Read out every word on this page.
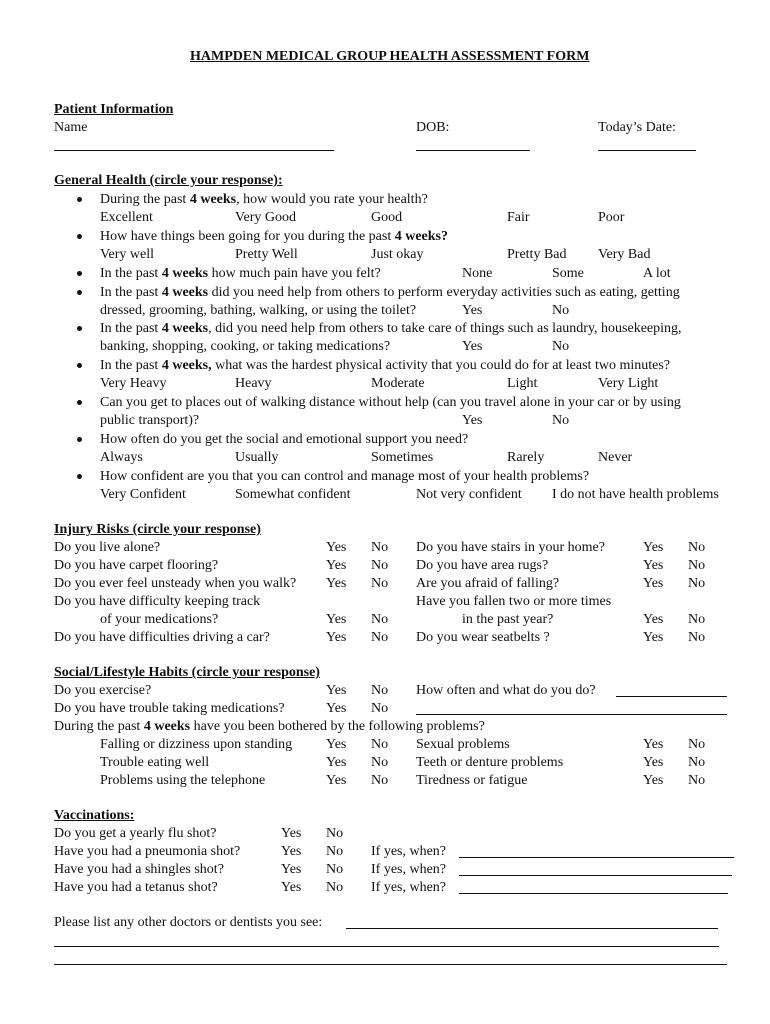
HAMPDEN MEDICAL GROUP HEALTH ASSESSMENT FORM
Patient Information
Name	DOB:	Today’s Date:
General Health (circle your response):
During the past 4 weeks, how would you rate your health?
Excellent	Very Good	Good	Fair	Poor
How have things been going for you during the past 4 weeks?
Very well	Pretty Well	Just okay	Pretty Bad Very Bad
In the past 4 weeks how much pain have you felt?	None	Some	A lot
In the past 4 weeks did you need help from others to perform everyday activities such as eating, getting
dressed, grooming, bathing, walking, or using the toilet?	Yes	No
In the past 4 weeks, did you need help from others to take care of things such as laundry, housekeeping,
banking, shopping, cooking, or taking medications?	Yes	No
In the past 4 weeks, what was the hardest physical activity that you could do for at least two minutes?
Very Heavy	Heavy	Moderate	Light	Very Light
Can you get to places out of walking distance without help (can you travel alone in your car or by using
public transport)?	Yes	No
How often do you get the social and emotional support you need?
Always	Usually	Sometimes	Rarely	Never
How confident are you that you can control and manage most of your health problems?
Very Confident	Somewhat confident	Not very confident I do not have health problems
Injury Risks (circle your response)
Do you live alone?	Yes No Do you have stairs in your home?	Yes No
Do you have carpet flooring?	Yes No Do you have area rugs?	Yes No
Do you ever feel unsteady when you walk? Yes No Are you afraid of falling?	Yes No
Do you have difficulty keeping track	Have you fallen two or more times
of your medications?	Yes No	in the past year?	Yes No
Do you have difficulties driving a car?	Yes No Do you wear seatbelts ?	Yes No
Social/Lifestyle Habits (circle your response)
Do you exercise?	Yes No How often and what do you do?
Do you have trouble taking medications?	Yes No
During the past 4 weeks have you been bothered by the following problems?
Falling or dizziness upon standing Yes No Sexual problems	Yes No
Trouble eating well	Yes No Teeth or denture problems	Yes No
Problems using the telephone	Yes No Tiredness or fatigue	Yes No
Vaccinations:
Do you get a yearly flu shot?	Yes No
Have you had a pneumonia shot?	Yes No If yes, when?
Have you had a shingles shot?	Yes No If yes, when?
Have you had a tetanus shot?	Yes No If yes, when?
Please list any other doctors or dentists you see:
